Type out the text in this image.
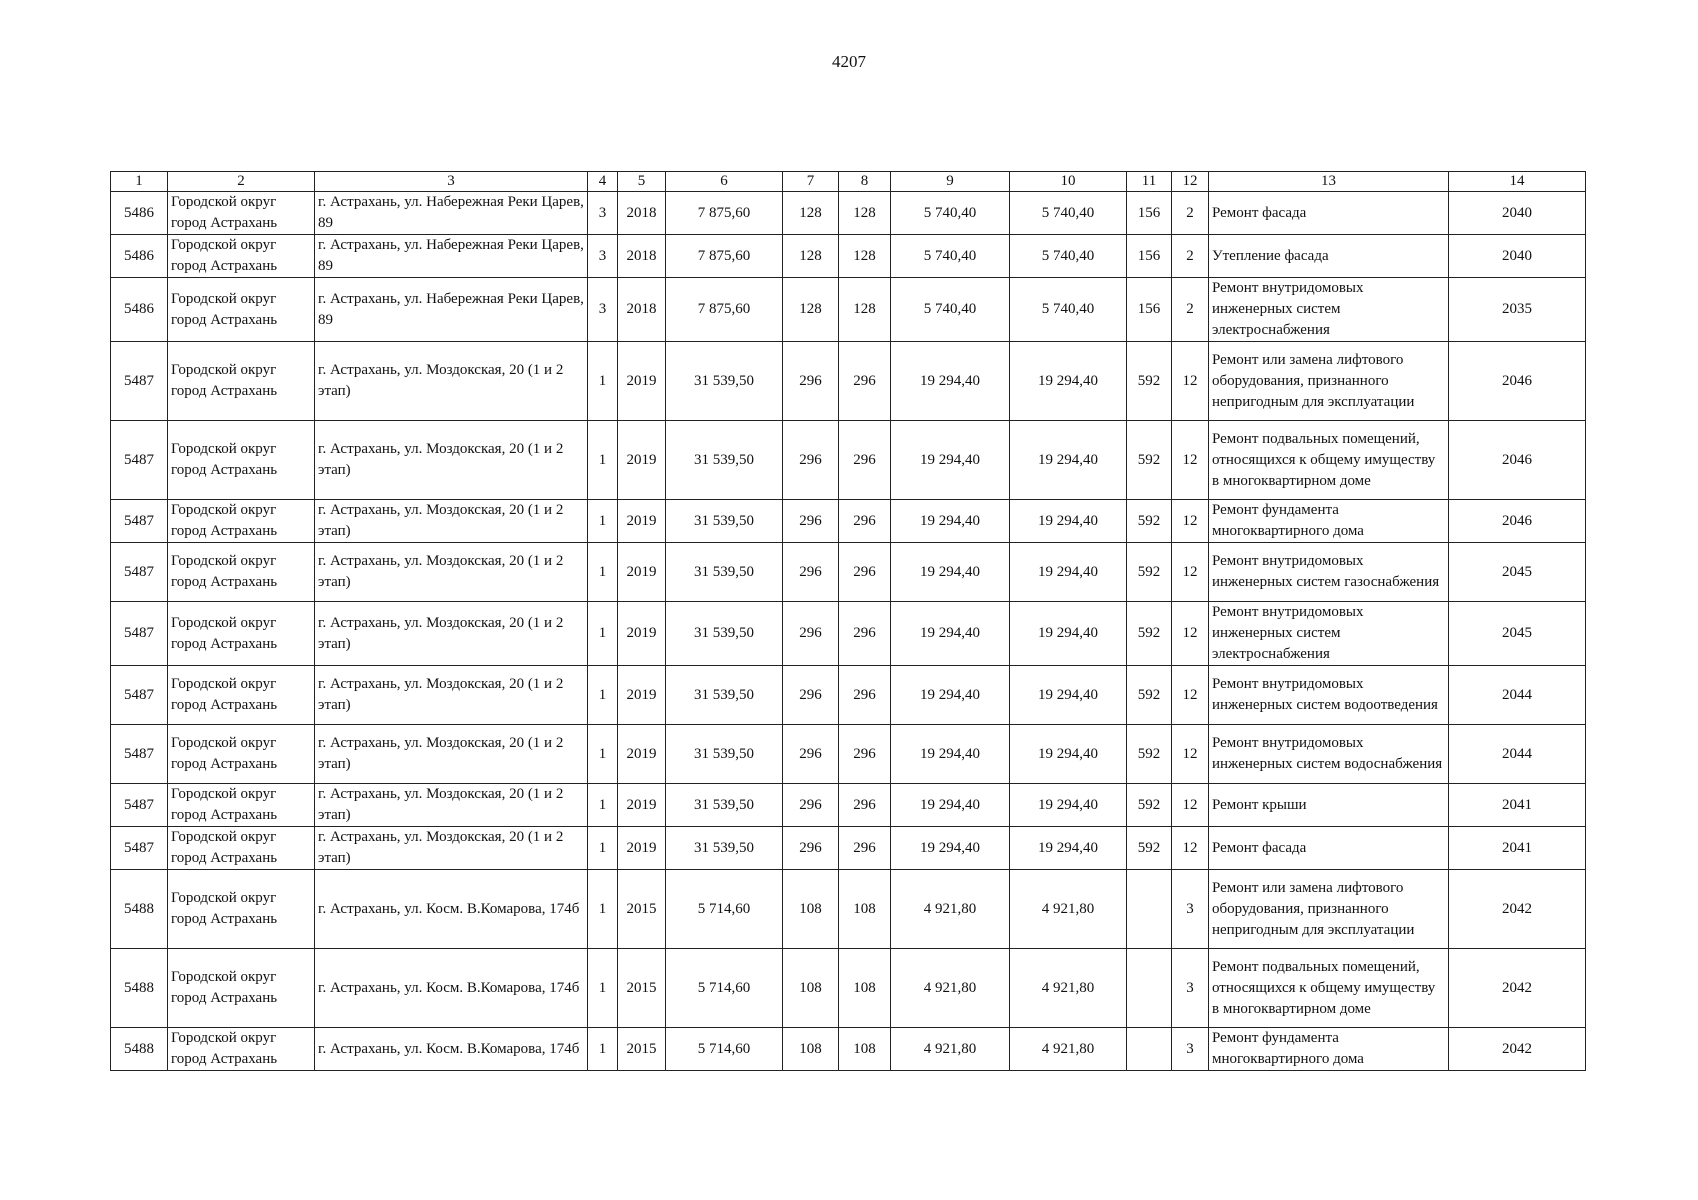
4207
1	2	3	4	5	6	7	8	9	10	11	12	13	14
5486	Городской округ город Астрахань	г. Астрахань, ул. Набережная Реки Царев, 89	3	2018	7 875,60	128	128	5 740,40	5 740,40	156	2	Ремонт фасада	2040
5486	Городской округ город Астрахань	г. Астрахань, ул. Набережная Реки Царев, 89	3	2018	7 875,60	128	128	5 740,40	5 740,40	156	2	Утепление фасада	2040
5486	Городской округ город Астрахань	г. Астрахань, ул. Набережная Реки Царев, 89	3	2018	7 875,60	128	128	5 740,40	5 740,40	156	2	Ремонт внутридомовых инженерных систем электроснабжения	2035
5487	Городской округ город Астрахань	г. Астрахань, ул. Моздокская, 20 (1 и 2 этап)	1	2019	31 539,50	296	296	19 294,40	19 294,40	592	12	Ремонт или замена лифтового оборудования, признанного непригодным для эксплуатации	2046
5487	Городской округ город Астрахань	г. Астрахань, ул. Моздокская, 20 (1 и 2 этап)	1	2019	31 539,50	296	296	19 294,40	19 294,40	592	12	Ремонт подвальных помещений, относящихся к общему имуществу в многоквартирном доме	2046
5487	Городской округ город Астрахань	г. Астрахань, ул. Моздокская, 20 (1 и 2 этап)	1	2019	31 539,50	296	296	19 294,40	19 294,40	592	12	Ремонт фундамента многоквартирного дома	2046
5487	Городской округ город Астрахань	г. Астрахань, ул. Моздокская, 20 (1 и 2 этап)	1	2019	31 539,50	296	296	19 294,40	19 294,40	592	12	Ремонт внутридомовых инженерных систем газоснабжения	2045
5487	Городской округ город Астрахань	г. Астрахань, ул. Моздокская, 20 (1 и 2 этап)	1	2019	31 539,50	296	296	19 294,40	19 294,40	592	12	Ремонт внутридомовых инженерных систем электроснабжения	2045
5487	Городской округ город Астрахань	г. Астрахань, ул. Моздокская, 20 (1 и 2 этап)	1	2019	31 539,50	296	296	19 294,40	19 294,40	592	12	Ремонт внутридомовых инженерных систем водоотведения	2044
5487	Городской округ город Астрахань	г. Астрахань, ул. Моздокская, 20 (1 и 2 этап)	1	2019	31 539,50	296	296	19 294,40	19 294,40	592	12	Ремонт внутридомовых инженерных систем водоснабжения	2044
5487	Городской округ город Астрахань	г. Астрахань, ул. Моздокская, 20 (1 и 2 этап)	1	2019	31 539,50	296	296	19 294,40	19 294,40	592	12	Ремонт крыши	2041
5487	Городской округ город Астрахань	г. Астрахань, ул. Моздокская, 20 (1 и 2 этап)	1	2019	31 539,50	296	296	19 294,40	19 294,40	592	12	Ремонт фасада	2041
5488	Городской округ город Астрахань	г. Астрахань, ул. Косм. В.Комарова, 174б	1	2015	5 714,60	108	108	4 921,80	4 921,80		3	Ремонт или замена лифтового оборудования, признанного непригодным для эксплуатации	2042
5488	Городской округ город Астрахань	г. Астрахань, ул. Косм. В.Комарова, 174б	1	2015	5 714,60	108	108	4 921,80	4 921,80		3	Ремонт подвальных помещений, относящихся к общему имуществу в многоквартирном доме	2042
5488	Городской округ город Астрахань	г. Астрахань, ул. Косм. В.Комарова, 174б	1	2015	5 714,60	108	108	4 921,80	4 921,80		3	Ремонт фундамента многоквартирного дома	2042
